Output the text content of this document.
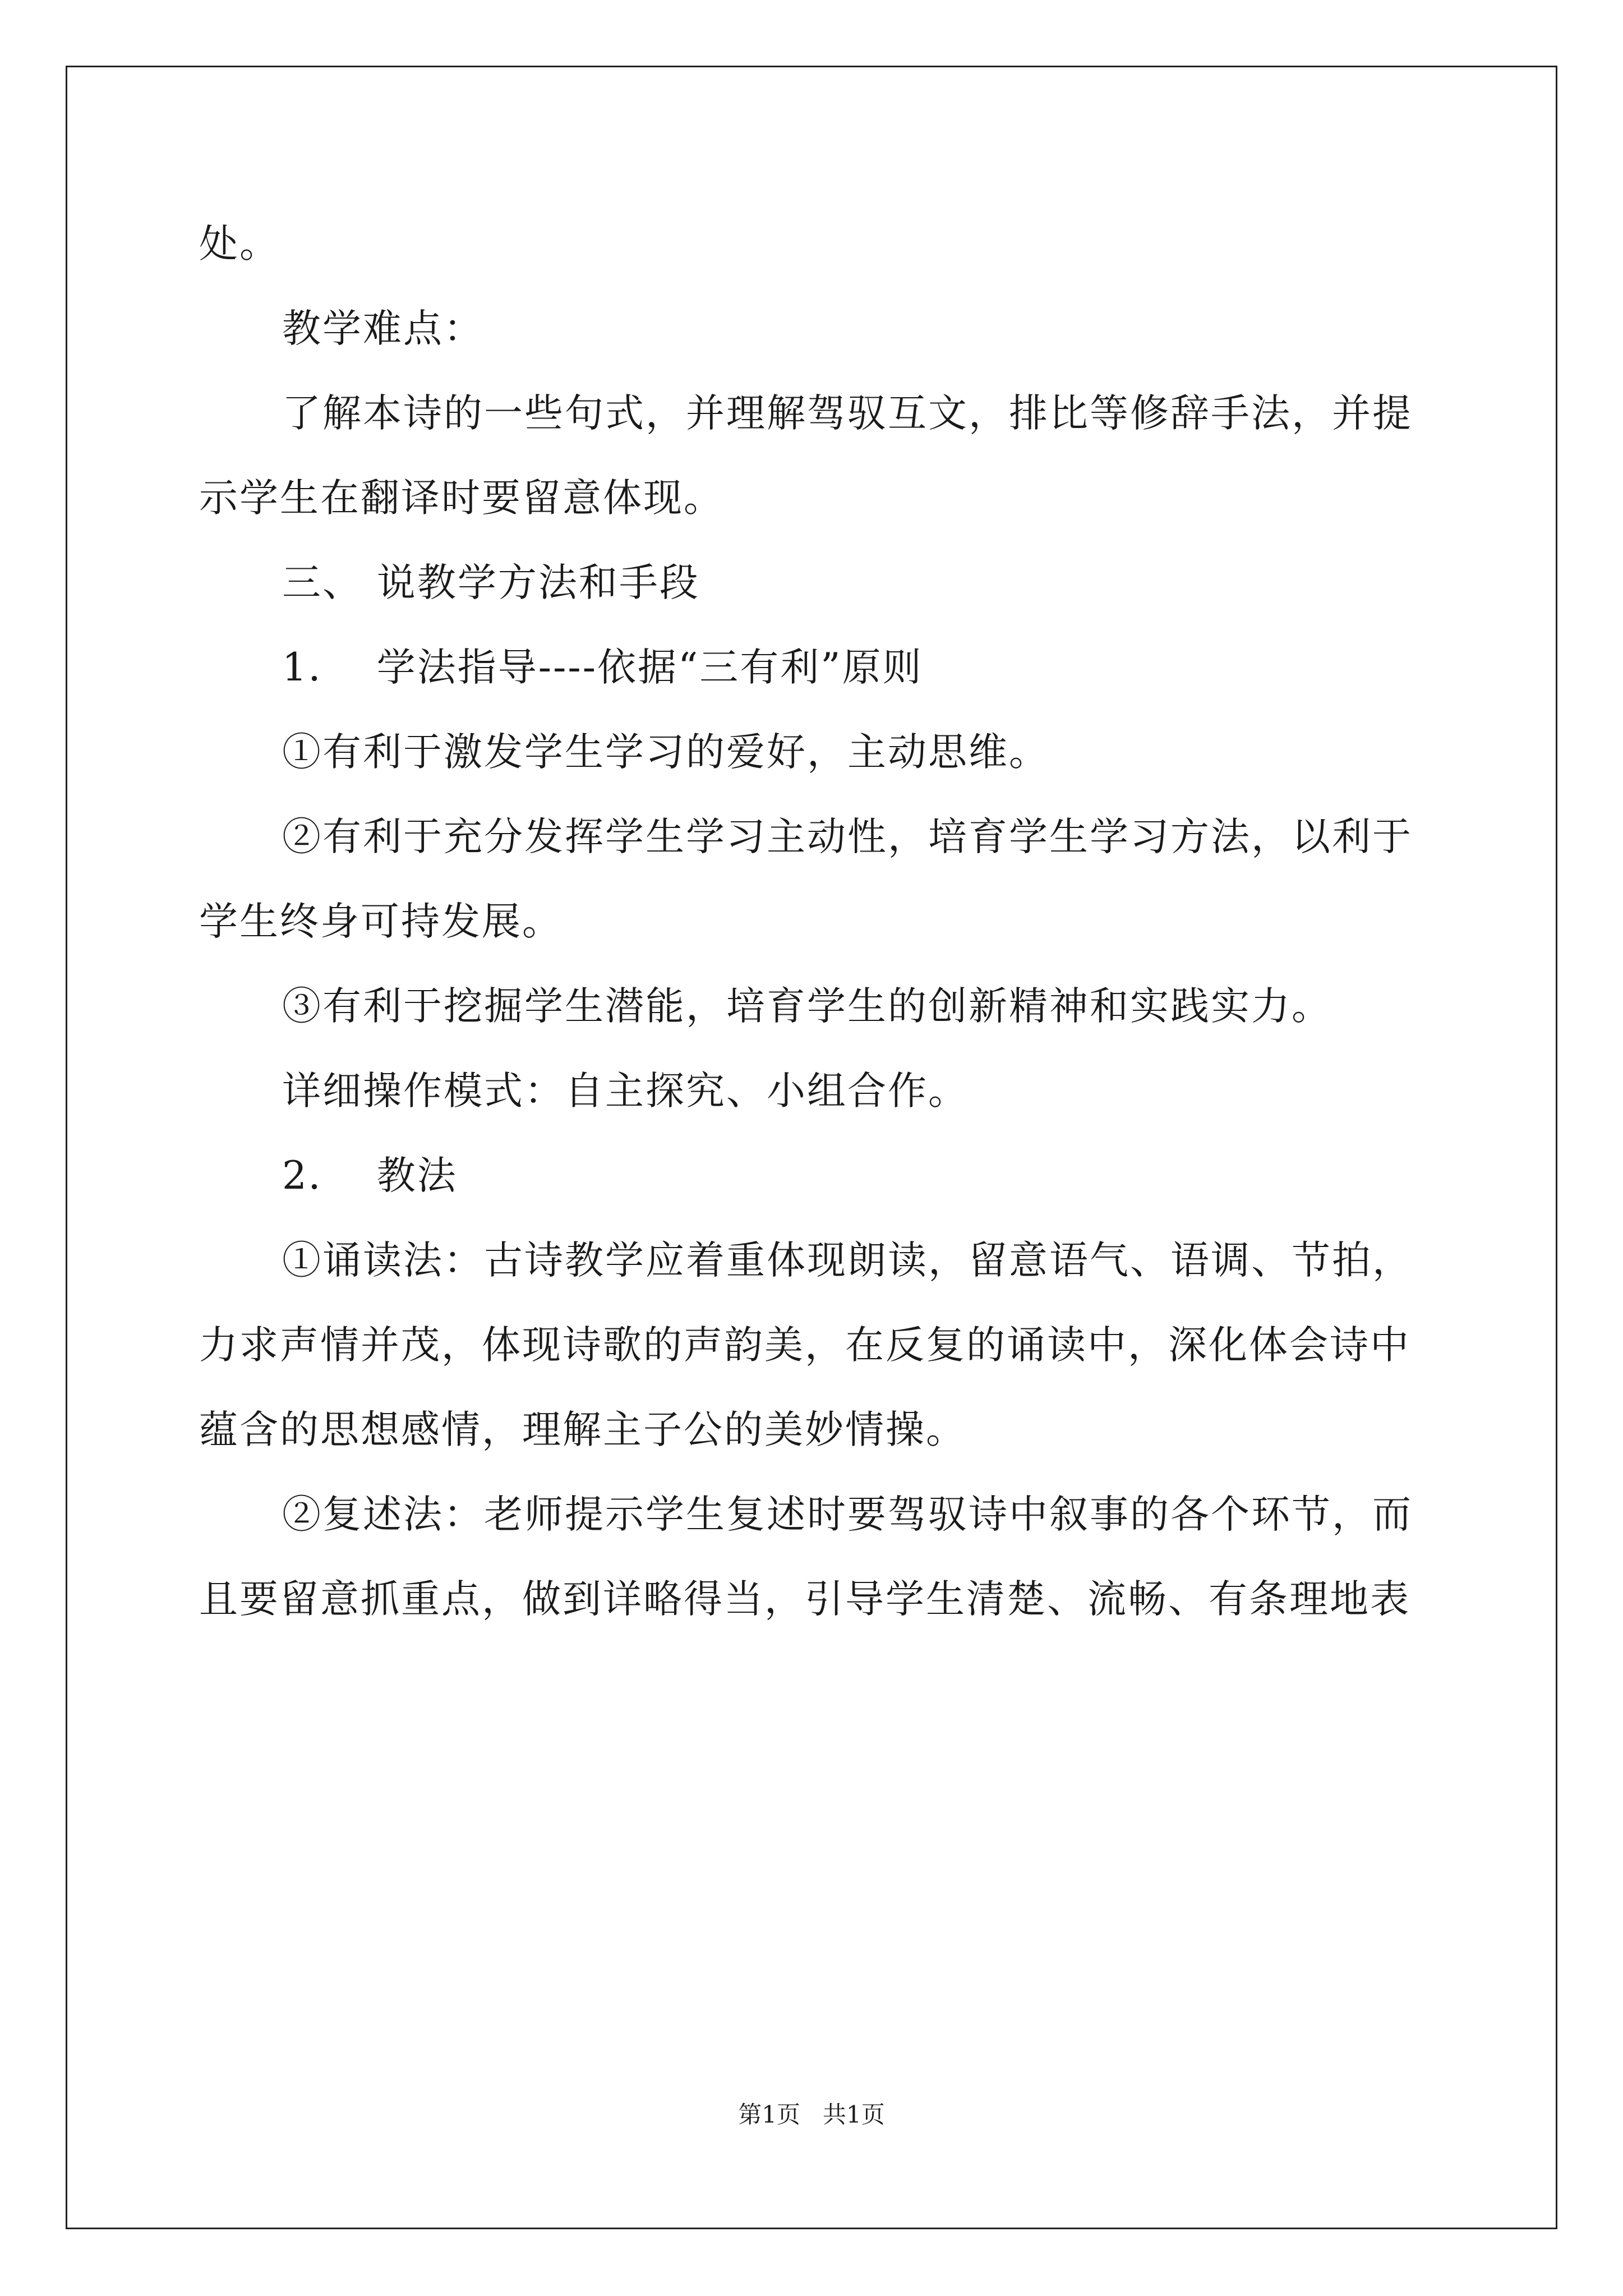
处。

教学难点：

了解本诗的一些句式，并理解驾驭互文，排比等修辞手法，并提示学生在翻译时要留意体现。

三、 说教学方法和手段

1．  学法指导----依据“三有利”原则

①有利于激发学生学习的爱好，主动思维。

②有利于充分发挥学生学习主动性，培育学生学习方法，以利于学生终身可持发展。

③有利于挖掘学生潜能，培育学生的创新精神和实践实力。

详细操作模式：自主探究、小组合作。

2．  教法

①诵读法：古诗教学应着重体现朗读，留意语气、语调、节拍，力求声情并茂，体现诗歌的声韵美，在反复的诵读中，深化体会诗中蕴含的思想感情，理解主子公的美妙情操。

②复述法：老师提示学生复述时要驾驭诗中叙事的各个环节，而且要留意抓重点，做到详略得当，引导学生清楚、流畅、有条理地表

第1页   共1页
